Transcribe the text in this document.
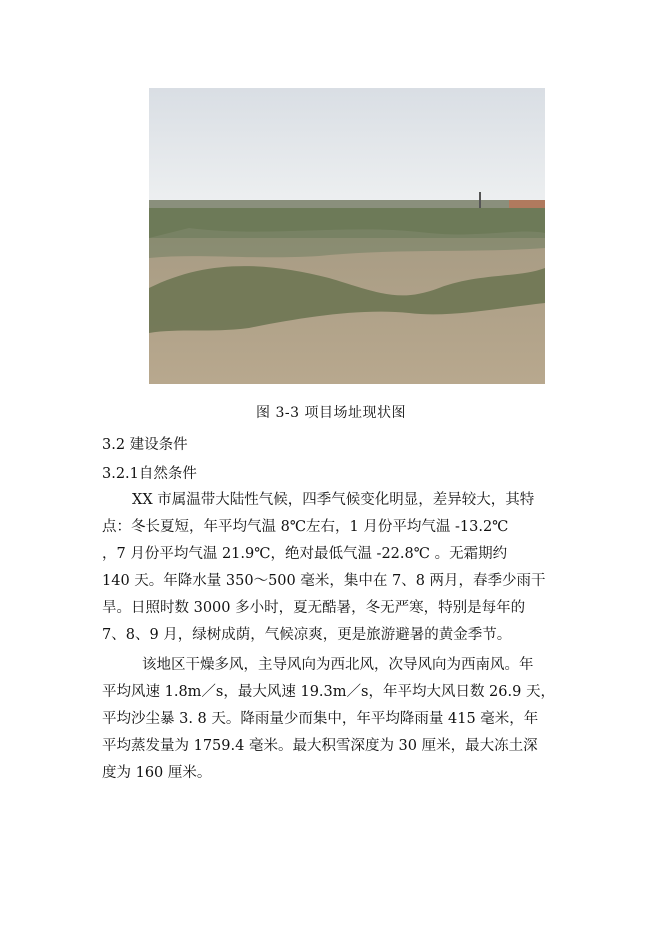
图 3-3 项目场址现状图
3.2 建设条件
3.2.1自然条件
XX 市属温带大陆性气候，四季气候变化明显，差异较大，其特
点：冬长夏短，年平均气温 8℃左右，1 月份平均气温 -13.2℃
，7 月份平均气温 21.9℃，绝对最低气温 -22.8℃ 。无霜期约
140 天。年降水量 350～500 毫米，集中在 7、8 两月，春季少雨干
旱。日照时数 3000 多小时，夏无酷暑，冬无严寒，特别是每年的
7、8、9 月，绿树成荫，气候凉爽，更是旅游避暑的黄金季节。
该地区干燥多风，主导风向为西北风，次导风向为西南风。年
平均风速 1.8m／s，最大风速 19.3m／s，年平均大风日数 26.9 天，
平均沙尘暴 3. 8 天。降雨量少而集中，年平均降雨量 415 毫米，年
平均蒸发量为 1759.4 毫米。最大积雪深度为 30 厘米，最大冻土深
度为 160 厘米。
